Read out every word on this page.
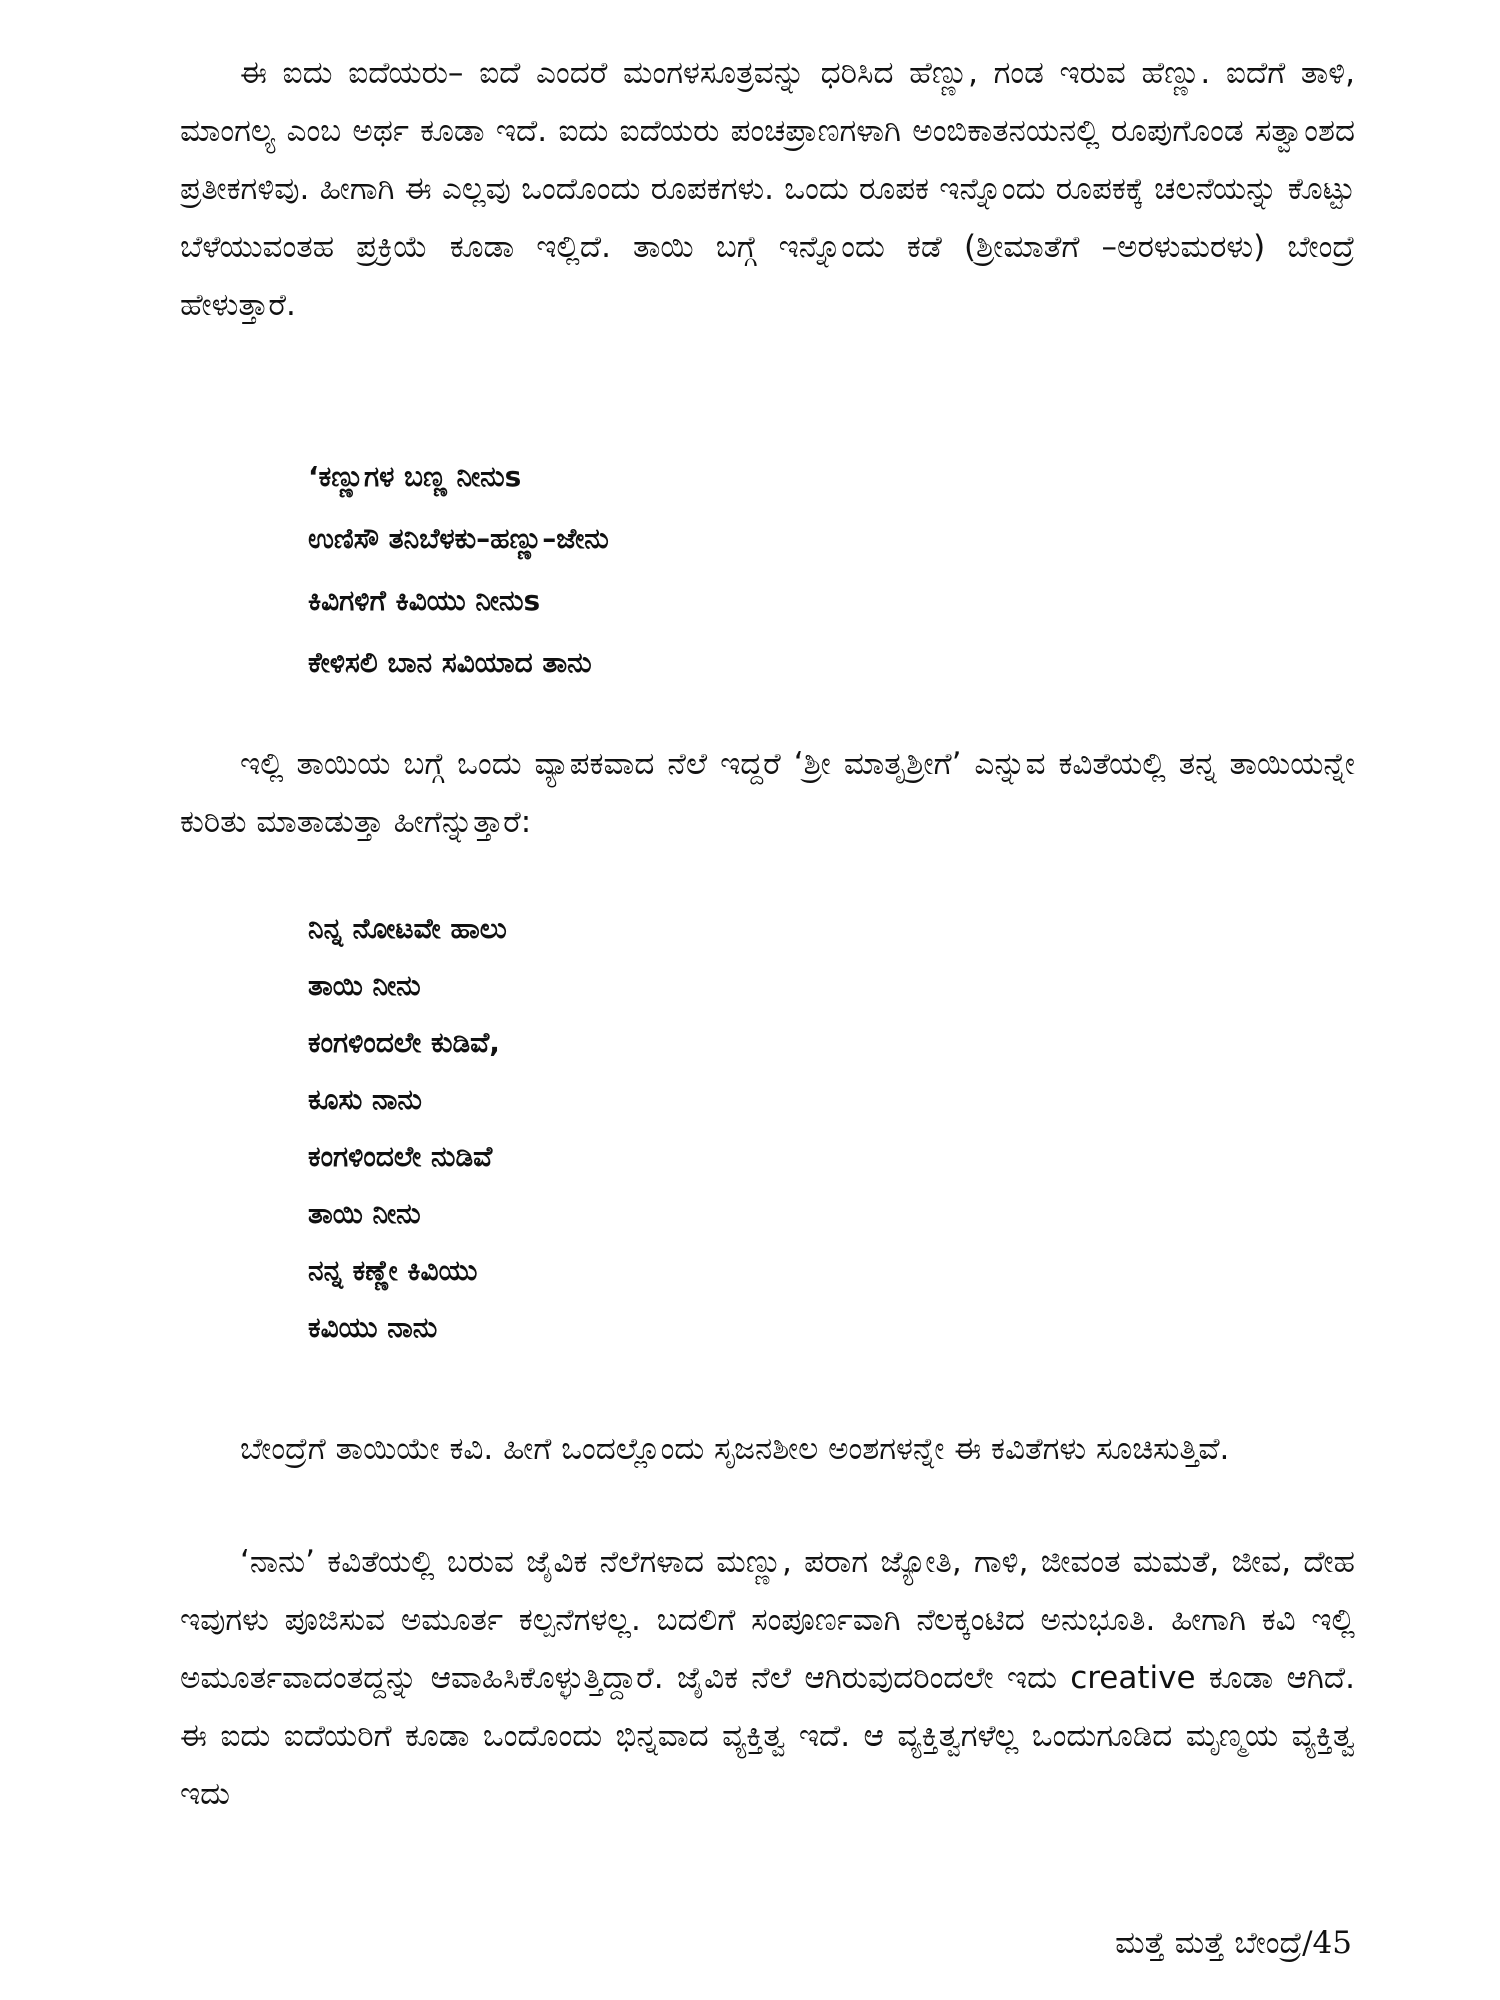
ಈ ಐದು ಐದೆಯರು– ಐದೆ ಎಂದರೆ ಮಂಗಳಸೂತ್ರವನ್ನು ಧರಿಸಿದ ಹೆಣ್ಣು, ಗಂಡ ಇರುವ ಹೆಣ್ಣು. ಐದೆಗೆ ತಾಳಿ, ಮಾಂಗಲ್ಯ ಎಂಬ ಅರ್ಥ ಕೂಡಾ ಇದೆ. ಐದು ಐದೆಯರು ಪಂಚಪ್ರಾಣಗಳಾಗಿ ಅಂಬಿಕಾತನಯನಲ್ಲಿ ರೂಪುಗೊಂಡ ಸತ್ವಾಂಶದ ಪ್ರತೀಕಗಳಿವು. ಹೀಗಾಗಿ ಈ ಎಲ್ಲವು ಒಂದೊಂದು ರೂಪಕಗಳು. ಒಂದು ರೂಪಕ ಇನ್ನೊಂದು ರೂಪಕಕ್ಕೆ ಚಲನೆಯನ್ನು ಕೊಟ್ಟು ಬೆಳೆಯುವಂತಹ ಪ್ರಕ್ರಿಯೆ ಕೂಡಾ ಇಲ್ಲಿದೆ. ತಾಯಿ ಬಗ್ಗೆ ಇನ್ನೊಂದು ಕಡೆ (ಶ್ರೀಮಾತೆಗೆ –ಅರಳುಮರಳು) ಬೇಂದ್ರೆ ಹೇಳುತ್ತಾರೆ.

‘ಕಣ್ಣುಗಳ ಬಣ್ಣ ನೀನುs
ಉಣಿಸೌ ತನಿಬೆಳಕು–ಹಣ್ಣು–ಜೇನು
ಕಿವಿಗಳಿಗೆ ಕಿವಿಯು ನೀನುs
ಕೇಳಿಸಲಿ ಬಾನ ಸವಿಯಾದ ತಾನು

ಇಲ್ಲಿ ತಾಯಿಯ ಬಗ್ಗೆ ಒಂದು ವ್ಯಾಪಕವಾದ ನೆಲೆ ಇದ್ದರೆ ‘ಶ್ರೀ ಮಾತೃಶ್ರೀಗೆ’ ಎನ್ನುವ ಕವಿತೆಯಲ್ಲಿ ತನ್ನ ತಾಯಿಯನ್ನೇ ಕುರಿತು ಮಾತಾಡುತ್ತಾ ಹೀಗೆನ್ನುತ್ತಾರೆ:

ನಿನ್ನ ನೋಟವೇ ಹಾಲು
ತಾಯಿ ನೀನು
ಕಂಗಳಿಂದಲೇ ಕುಡಿವೆ,
ಕೂಸು ನಾನು
ಕಂಗಳಿಂದಲೇ ನುಡಿವೆ
ತಾಯಿ ನೀನು
ನನ್ನ ಕಣ್ಣೇ ಕಿವಿಯು
ಕವಿಯು ನಾನು

ಬೇಂದ್ರೆಗೆ ತಾಯಿಯೇ ಕವಿ. ಹೀಗೆ ಒಂದಲ್ಲೊಂದು ಸೃಜನಶೀಲ ಅಂಶಗಳನ್ನೇ ಈ ಕವಿತೆಗಳು ಸೂಚಿಸುತ್ತಿವೆ.

‘ನಾನು’ ಕವಿತೆಯಲ್ಲಿ ಬರುವ ಜೈವಿಕ ನೆಲೆಗಳಾದ ಮಣ್ಣು, ಪರಾಗ ಜ್ಯೋತಿ, ಗಾಳಿ, ಜೀವಂತ ಮಮತೆ, ಜೀವ, ದೇಹ ಇವುಗಳು ಪೂಜಿಸುವ ಅಮೂರ್ತ ಕಲ್ಪನೆಗಳಲ್ಲ. ಬದಲಿಗೆ ಸಂಪೂರ್ಣವಾಗಿ ನೆಲಕ್ಕಂಟಿದ ಅನುಭೂತಿ. ಹೀಗಾಗಿ ಕವಿ ಇಲ್ಲಿ ಅಮೂರ್ತವಾದಂತದ್ದನ್ನು ಆವಾಹಿಸಿಕೊಳ್ಳುತ್ತಿದ್ದಾರೆ. ಜೈವಿಕ ನೆಲೆ ಆಗಿರುವುದರಿಂದಲೇ ಇದು creative ಕೂಡಾ ಆಗಿದೆ. ಈ ಐದು ಐದೆಯರಿಗೆ ಕೂಡಾ ಒಂದೊಂದು ಭಿನ್ನವಾದ ವ್ಯಕ್ತಿತ್ವ ಇದೆ. ಆ ವ್ಯಕ್ತಿತ್ವಗಳೆಲ್ಲ ಒಂದುಗೂಡಿದ ಮೃಣ್ಮಯ ವ್ಯಕ್ತಿತ್ವ ಇದು

ಮತ್ತೆ ಮತ್ತೆ ಬೇಂದ್ರೆ/45
